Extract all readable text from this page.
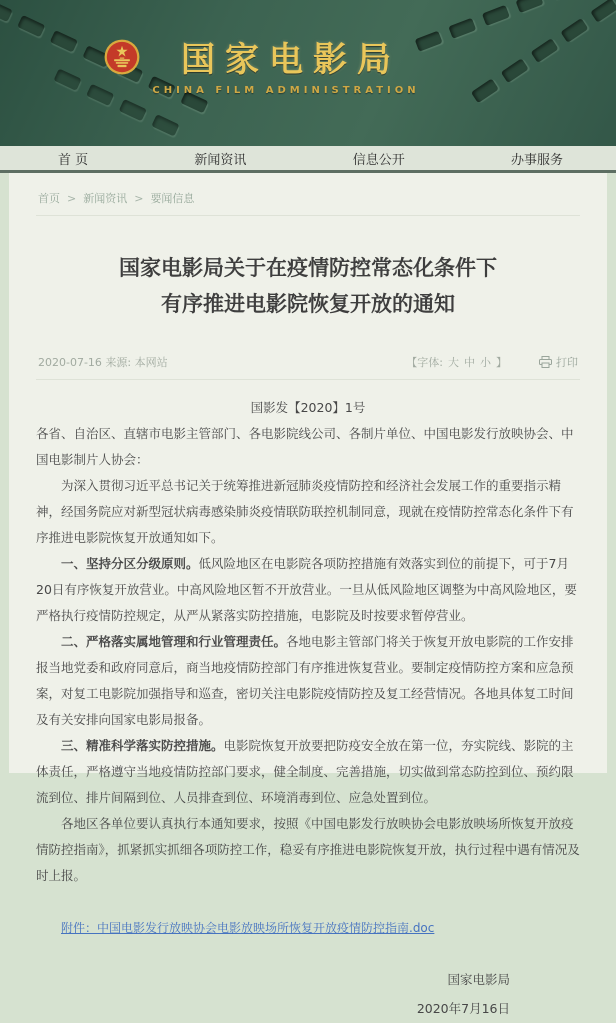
国家电影局
CHINA FILM ADMINISTRATION
首 页	新闻资讯	信息公开	办事服务
首页 > 新闻资讯 > 要闻信息
国家电影局关于在疫情防控常态化条件下
有序推进电影院恢复开放的通知
2020-07-16 来源: 本网站	【字体: 大 中 小 】	打印

国影发【2020】1号

各省、自治区、直辖市电影主管部门、各电影院线公司、各制片单位、中国电影发行放映协会、中国电影制片人协会：

为深入贯彻习近平总书记关于统筹推进新冠肺炎疫情防控和经济社会发展工作的重要指示精神，经国务院应对新型冠状病毒感染肺炎疫情联防联控机制同意，现就在疫情防控常态化条件下有序推进电影院恢复开放通知如下。

一、坚持分区分级原则。低风险地区在电影院各项防控措施有效落实到位的前提下，可于7月20日有序恢复开放营业。中高风险地区暂不开放营业。一旦从低风险地区调整为中高风险地区，要严格执行疫情防控规定，从严从紧落实防控措施，电影院及时按要求暂停营业。

二、严格落实属地管理和行业管理责任。各地电影主管部门将关于恢复开放电影院的工作安排报当地党委和政府同意后，商当地疫情防控部门有序推进恢复营业。要制定疫情防控方案和应急预案，对复工电影院加强指导和巡查，密切关注电影院疫情防控及复工经营情况。各地具体复工时间及有关安排向国家电影局报备。

三、精准科学落实防控措施。电影院恢复开放要把防疫安全放在第一位，夯实院线、影院的主体责任，严格遵守当地疫情防控部门要求，健全制度、完善措施，切实做到常态防控到位、预约限流到位、排片间隔到位、人员排查到位、环境消毒到位、应急处置到位。

各地区各单位要认真执行本通知要求，按照《中国电影发行放映协会电影放映场所恢复开放疫情防控指南》，抓紧抓实抓细各项防控工作，稳妥有序推进电影院恢复开放，执行过程中遇有情况及时上报。

附件：中国电影发行放映协会电影放映场所恢复开放疫情防控指南.doc

国家电影局
2020年7月16日
